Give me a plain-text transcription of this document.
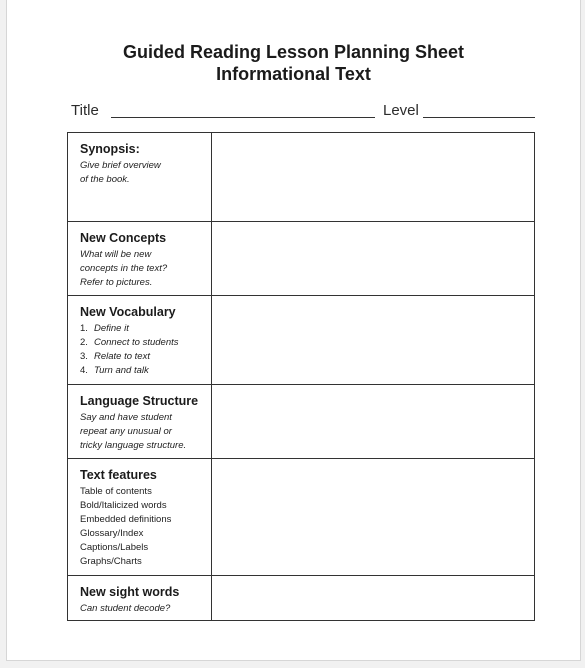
Guided Reading Lesson Planning Sheet
Informational Text
Title	Level
Synopsis:
Give brief overview
of the book.
New Concepts
What will be new
concepts in the text?
Refer to pictures.
New Vocabulary
1. Define it
2. Connect to students
3. Relate to text
4. Turn and talk
Language Structure
Say and have student
repeat any unusual or
tricky language structure.
Text features
Table of contents
Bold/Italicized words
Embedded definitions
Glossary/Index
Captions/Labels
Graphs/Charts
New sight words
Can student decode?
